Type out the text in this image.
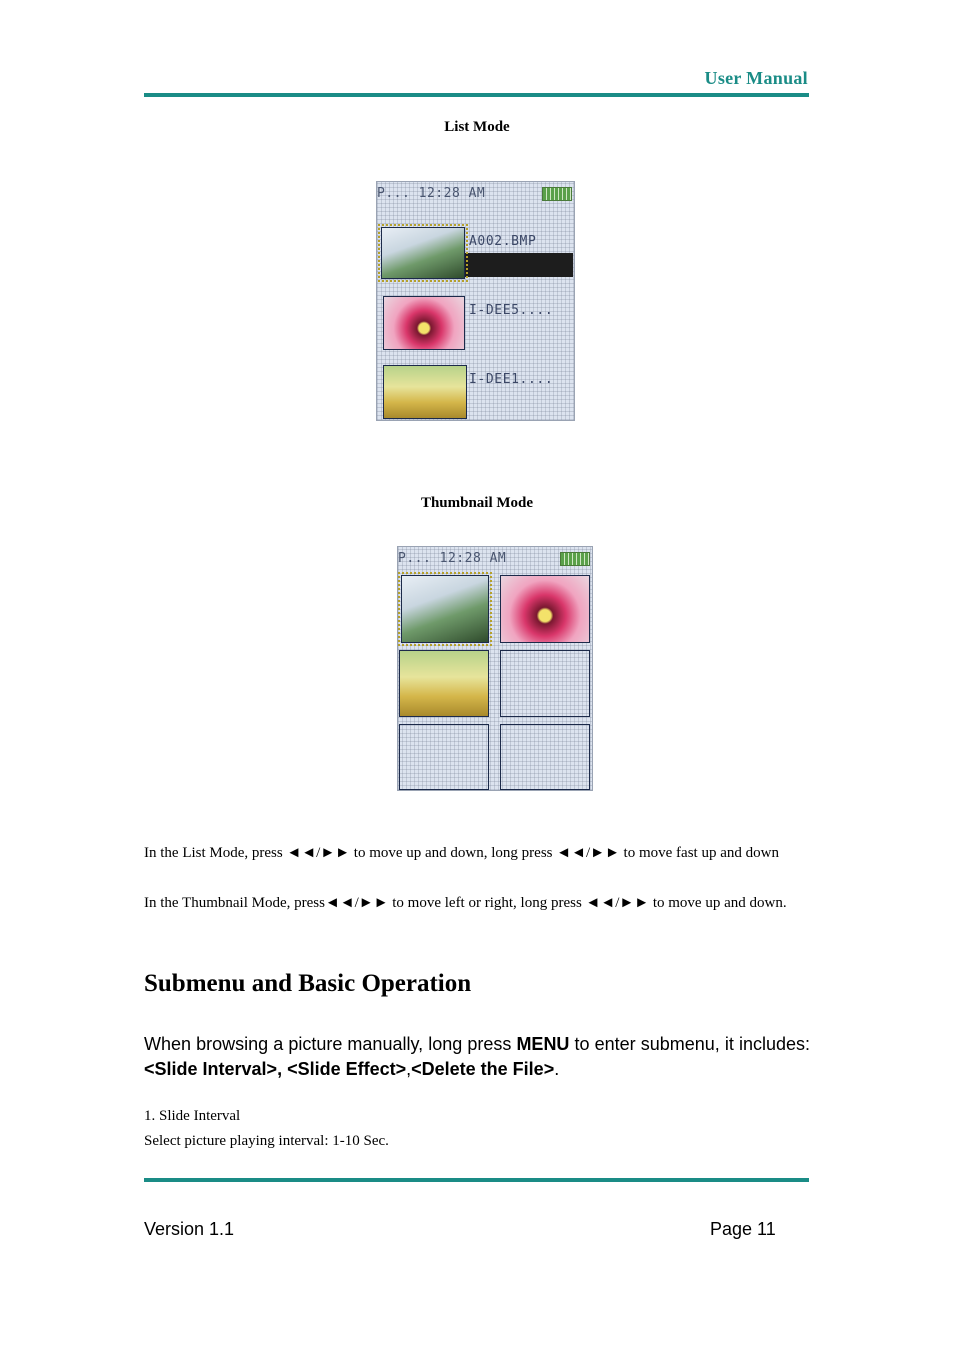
User Manual
List Mode
P... 12:28 AM
A002.BMP
I-DEE5....
I-DEE1....
Thumbnail Mode
P... 12:28 AM
In the List Mode, press ◄◄/►► to move up and down, long press ◄◄/►► to move fast up and down
In the Thumbnail Mode, press◄◄/►► to move left or right, long press ◄◄/►► to move up and down.
Submenu and Basic Operation
When browsing a picture manually, long press MENU to enter submenu, it includes: <Slide Interval>, <Slide Effect>,<Delete the File>.
1. Slide Interval
Select picture playing interval: 1-10 Sec.
Version 1.1	Page 11
